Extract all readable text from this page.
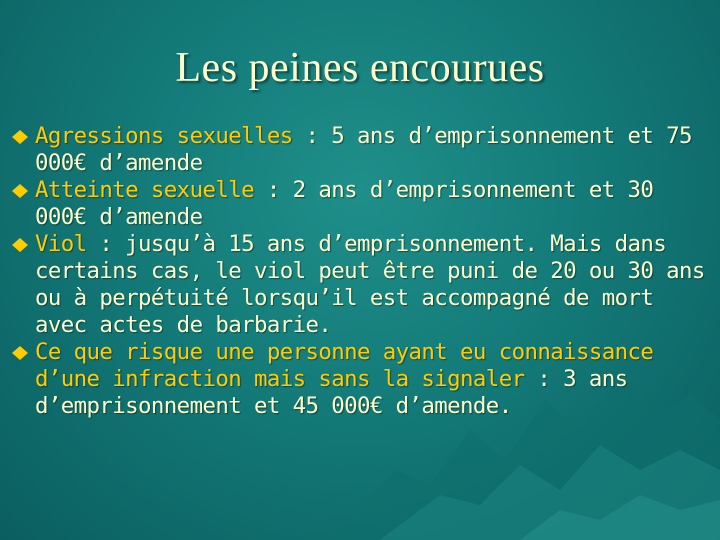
Les peines encourues
Agressions sexuelles : 5 ans d’emprisonnement et 75 000€ d’amende
Atteinte sexuelle : 2 ans d’emprisonnement et 30 000€ d’amende
Viol : jusqu’à 15 ans d’emprisonnement. Mais dans certains cas, le viol peut être puni de 20 ou 30 ans ou à perpétuité lorsqu’il est accompagné de mort avec actes de barbarie.
Ce que risque une personne ayant eu connaissance d’une infraction mais sans la signaler : 3 ans d’emprisonnement et 45 000€ d’amende.
